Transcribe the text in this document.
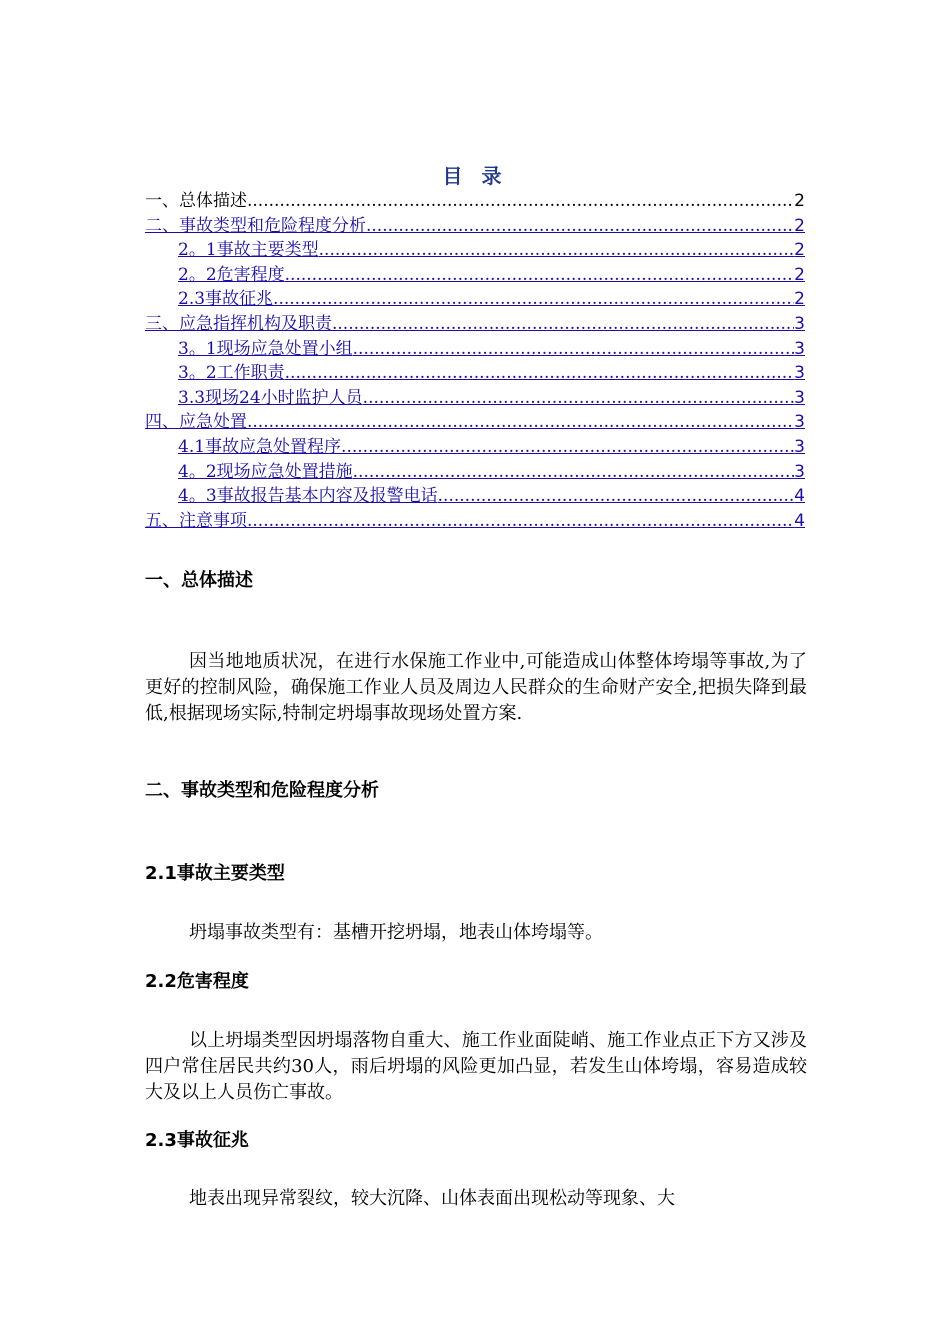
目 录
一、总体描述 .....	2
二、事故类型和危险程度分析 .....	2
2。1事故主要类型 .....	2
2。2危害程度 .....	2
2.3事故征兆 .....	2
三、应急指挥机构及职责 .....	3
3。1现场应急处置小组 .....	3
3。2工作职责 .....	3
3.3现场24小时监护人员 .....	3
四、应急处置 .....	3
4.1事故应急处置程序 .....	3
4。2现场应急处置措施 .....	3
4。3事故报告基本内容及报警电话 .....	4
五、注意事项 .....	4
一、总体描述

因当地地质状况，在进行水保施工作业中,可能造成山体整体垮塌等事故,为了更好的控制风险，确保施工作业人员及周边人民群众的生命财产安全,把损失降到最低,根据现场实际,特制定坍塌事故现场处置方案.

二、事故类型和危险程度分析
2.1事故主要类型

坍塌事故类型有：基槽开挖坍塌，地表山体垮塌等。

2.2危害程度

以上坍塌类型因坍塌落物自重大、施工作业面陡峭、施工作业点正下方又涉及四户常住居民共约30人，雨后坍塌的风险更加凸显，若发生山体垮塌，容易造成较大及以上人员伤亡事故。

2.3事故征兆

地表出现异常裂纹，较大沉降、山体表面出现松动等现象、大
